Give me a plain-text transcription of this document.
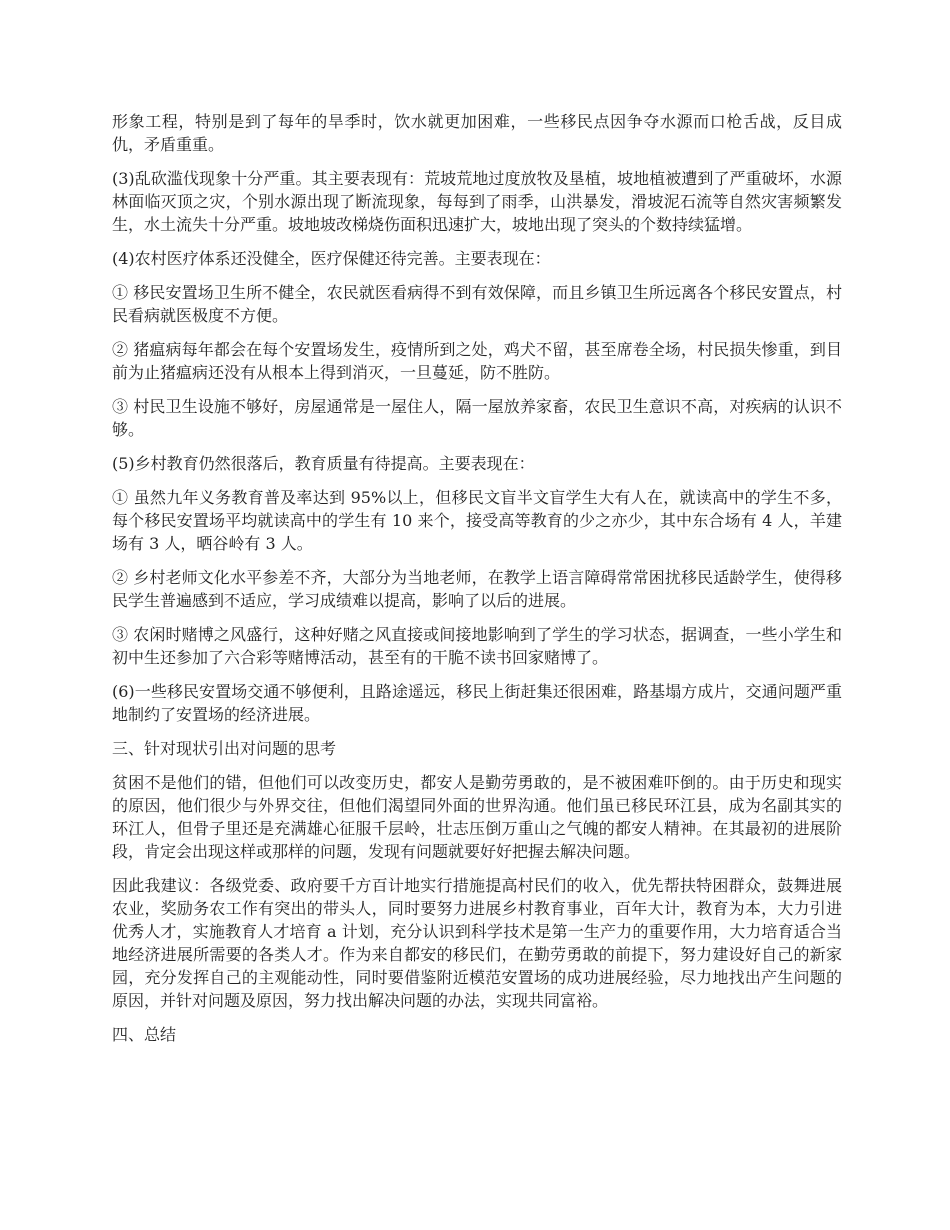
形象工程，特别是到了每年的旱季时，饮水就更加困难，一些移民点因争夺水源而口枪舌战，反目成仇，矛盾重重。

(3)乱砍滥伐现象十分严重。其主要表现有：荒坡荒地过度放牧及垦植，坡地植被遭到了严重破坏，水源林面临灭顶之灾，个别水源出现了断流现象，每每到了雨季，山洪暴发，滑坡泥石流等自然灾害频繁发生，水土流失十分严重。坡地坡改梯烧伤面积迅速扩大，坡地出现了突头的个数持续猛增。

(4)农村医疗体系还没健全，医疗保健还待完善。主要表现在：

① 移民安置场卫生所不健全，农民就医看病得不到有效保障，而且乡镇卫生所远离各个移民安置点，村民看病就医极度不方便。

② 猪瘟病每年都会在每个安置场发生，疫情所到之处，鸡犬不留，甚至席卷全场，村民损失惨重，到目前为止猪瘟病还没有从根本上得到消灭，一旦蔓延，防不胜防。

③ 村民卫生设施不够好，房屋通常是一屋住人，隔一屋放养家畜，农民卫生意识不高，对疾病的认识不够。

(5)乡村教育仍然很落后，教育质量有待提高。主要表现在：

① 虽然九年义务教育普及率达到 95%以上，但移民文盲半文盲学生大有人在，就读高中的学生不多，每个移民安置场平均就读高中的学生有 10 来个，接受高等教育的少之亦少，其中东合场有 4 人，羊建场有 3 人，晒谷岭有 3 人。

② 乡村老师文化水平参差不齐，大部分为当地老师，在教学上语言障碍常常困扰移民适龄学生，使得移民学生普遍感到不适应，学习成绩难以提高，影响了以后的进展。

③ 农闲时赌博之风盛行，这种好赌之风直接或间接地影响到了学生的学习状态，据调查，一些小学生和初中生还参加了六合彩等赌博活动，甚至有的干脆不读书回家赌博了。

(6)一些移民安置场交通不够便利，且路途遥远，移民上街赶集还很困难，路基塌方成片，交通问题严重地制约了安置场的经济进展。

三、针对现状引出对问题的思考

贫困不是他们的错，但他们可以改变历史，都安人是勤劳勇敢的，是不被困难吓倒的。由于历史和现实的原因，他们很少与外界交往，但他们渴望同外面的世界沟通。他们虽已移民环江县，成为名副其实的环江人，但骨子里还是充满雄心征服千层岭，壮志压倒万重山之气魄的都安人精神。在其最初的进展阶段，肯定会出现这样或那样的问题，发现有问题就要好好把握去解决问题。

因此我建议：各级党委、政府要千方百计地实行措施提高村民们的收入，优先帮扶特困群众，鼓舞进展农业，奖励务农工作有突出的带头人，同时要努力进展乡村教育事业，百年大计，教育为本，大力引进优秀人才，实施教育人才培育 a 计划，充分认识到科学技术是第一生产力的重要作用，大力培育适合当地经济进展所需要的各类人才。作为来自都安的移民们，在勤劳勇敢的前提下，努力建设好自己的新家园，充分发挥自己的主观能动性，同时要借鉴附近模范安置场的成功进展经验，尽力地找出产生问题的原因，并针对问题及原因，努力找出解决问题的办法，实现共同富裕。

四、总结
